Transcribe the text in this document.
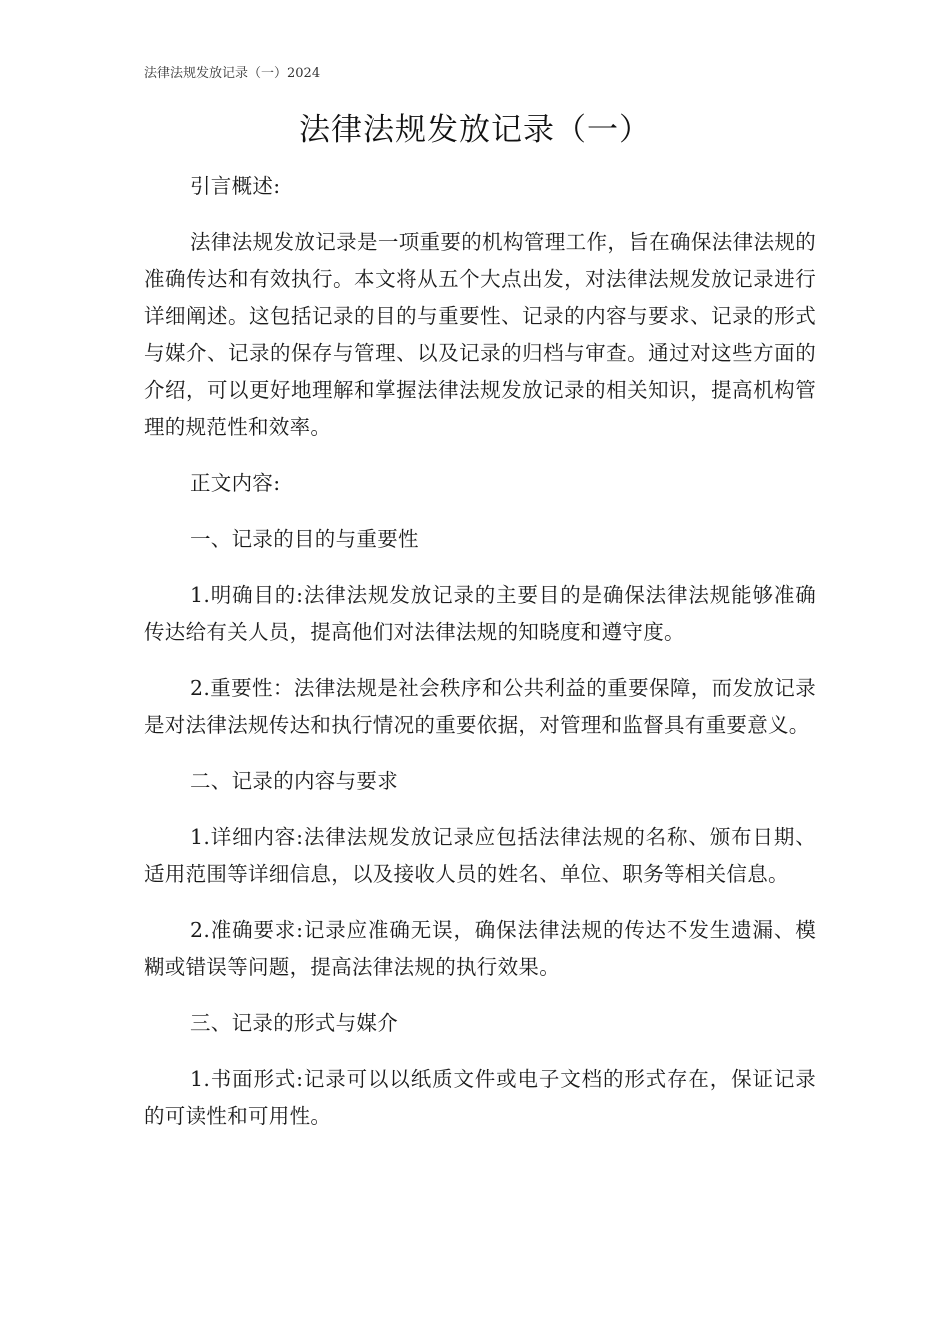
法律法规发放记录（一）2024
法律法规发放记录（一）

引言概述:

法律法规发放记录是一项重要的机构管理工作，旨在确保法律法规的准确传达和有效执行。本文将从五个大点出发，对法律法规发放记录进行详细阐述。这包括记录的目的与重要性、记录的内容与要求、记录的形式与媒介、记录的保存与管理、以及记录的归档与审查。通过对这些方面的介绍，可以更好地理解和掌握法律法规发放记录的相关知识，提高机构管理的规范性和效率。

正文内容:

一、记录的目的与重要性

1.明确目的:法律法规发放记录的主要目的是确保法律法规能够准确传达给有关人员，提高他们对法律法规的知晓度和遵守度。

2.重要性：法律法规是社会秩序和公共利益的重要保障，而发放记录是对法律法规传达和执行情况的重要依据，对管理和监督具有重要意义。

二、记录的内容与要求

1.详细内容:法律法规发放记录应包括法律法规的名称、颁布日期、适用范围等详细信息，以及接收人员的姓名、单位、职务等相关信息。

2.准确要求:记录应准确无误，确保法律法规的传达不发生遗漏、模糊或错误等问题，提高法律法规的执行效果。

三、记录的形式与媒介

1.书面形式:记录可以以纸质文件或电子文档的形式存在，保证记录的可读性和可用性。
